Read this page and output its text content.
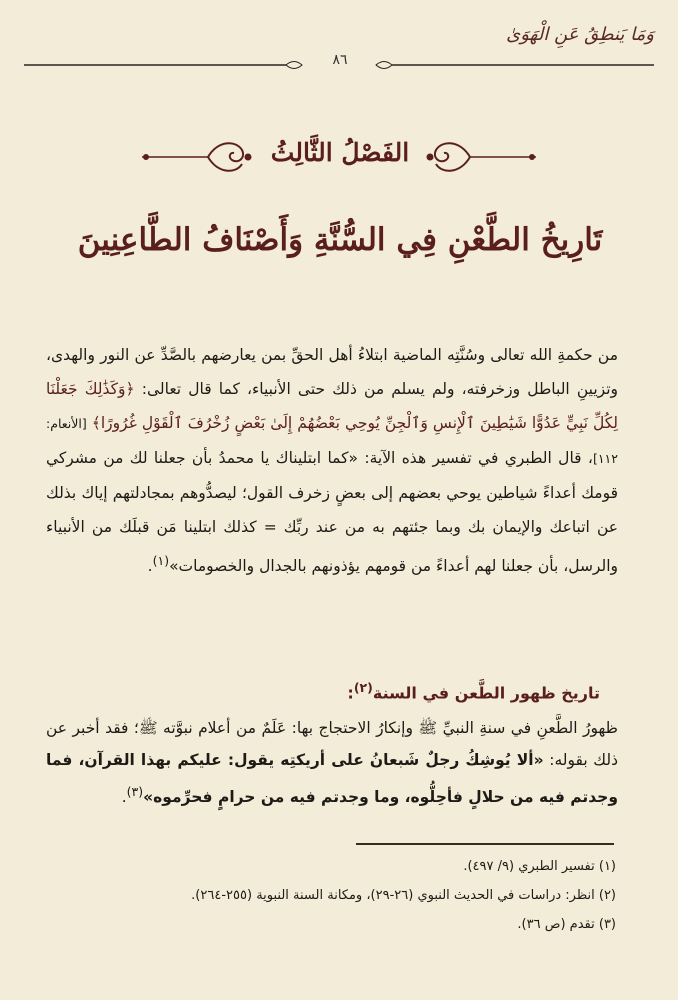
وَمَا يَنطِقُ عَنِ الْهَوَىٰ
٨٦
الفَصْلُ الثَّالِثُ
تَارِيخُ الطَّعْنِ فِي السُّنَّةِ وَأَصْنَافُ الطَّاعِنِينَ

من حكمةِ الله تعالى وسُنَّتِه الماضية ابتلاءُ أهل الحقِّ بمن يعارضهم بالصَّدِّ عن النور والهدى، وتزيينِ الباطل وزخرفته، ولم يسلم من ذلك حتى الأنبياء، كما قال تعالى: ﴿وَكَذَٰلِكَ جَعَلْنَا لِكُلِّ نَبِيٍّ عَدُوًّا شَيَٰطِينَ ٱلْإِنسِ وَٱلْجِنِّ يُوحِي بَعْضُهُمْ إِلَىٰ بَعْضٍ زُخْرُفَ ٱلْقَوْلِ غُرُورًا﴾ [الأنعام: ١١٢]، قال الطبري في تفسير هذه الآية: «كما ابتليناك يا محمدُ بأن جعلنا لك من مشركي قومك أعداءً شياطين يوحي بعضهم إلى بعضٍ زخرف القول؛ ليصدُّوهم بمجادلتهم إياك بذلك عن اتباعك والإيمان بك وبما جئتهم به من عند ربِّك = كذلك ابتلينا مَن قبلَك من الأنبياء والرسل، بأن جعلنا لهم أعداءً من قومهم يؤذونهم بالجدال والخصومات»$^{(١)}$.

تاريخ ظهور الطَّعن في السنة$^{(٢)}$:

ظهورُ الطَّعنِ في سنةِ النبيِّ ﷺ وإنكارُ الاحتجاج بها: عَلَمٌ من أعلام نبوَّته ﷺ؛ فقد أخبر عن ذلك بقوله: «ألا يُوشِكُ رجلٌ شَبعانُ على أريكتِه يقول: عليكم بهذا القرآن، فما وجدتم فيه من حلالٍ فأحِلُّوه، وما وجدتم فيه من حرامٍ فحرِّموه»$^{(٣)}$.

(١) تفسير الطبري (٩/ ٤٩٧).
(٢) انظر: دراسات في الحديث النبوي (٢٦-٢٩)، ومكانة السنة النبوية (٢٥٥-٢٦٤).
(٣) تقدم (ص ٣٦).
